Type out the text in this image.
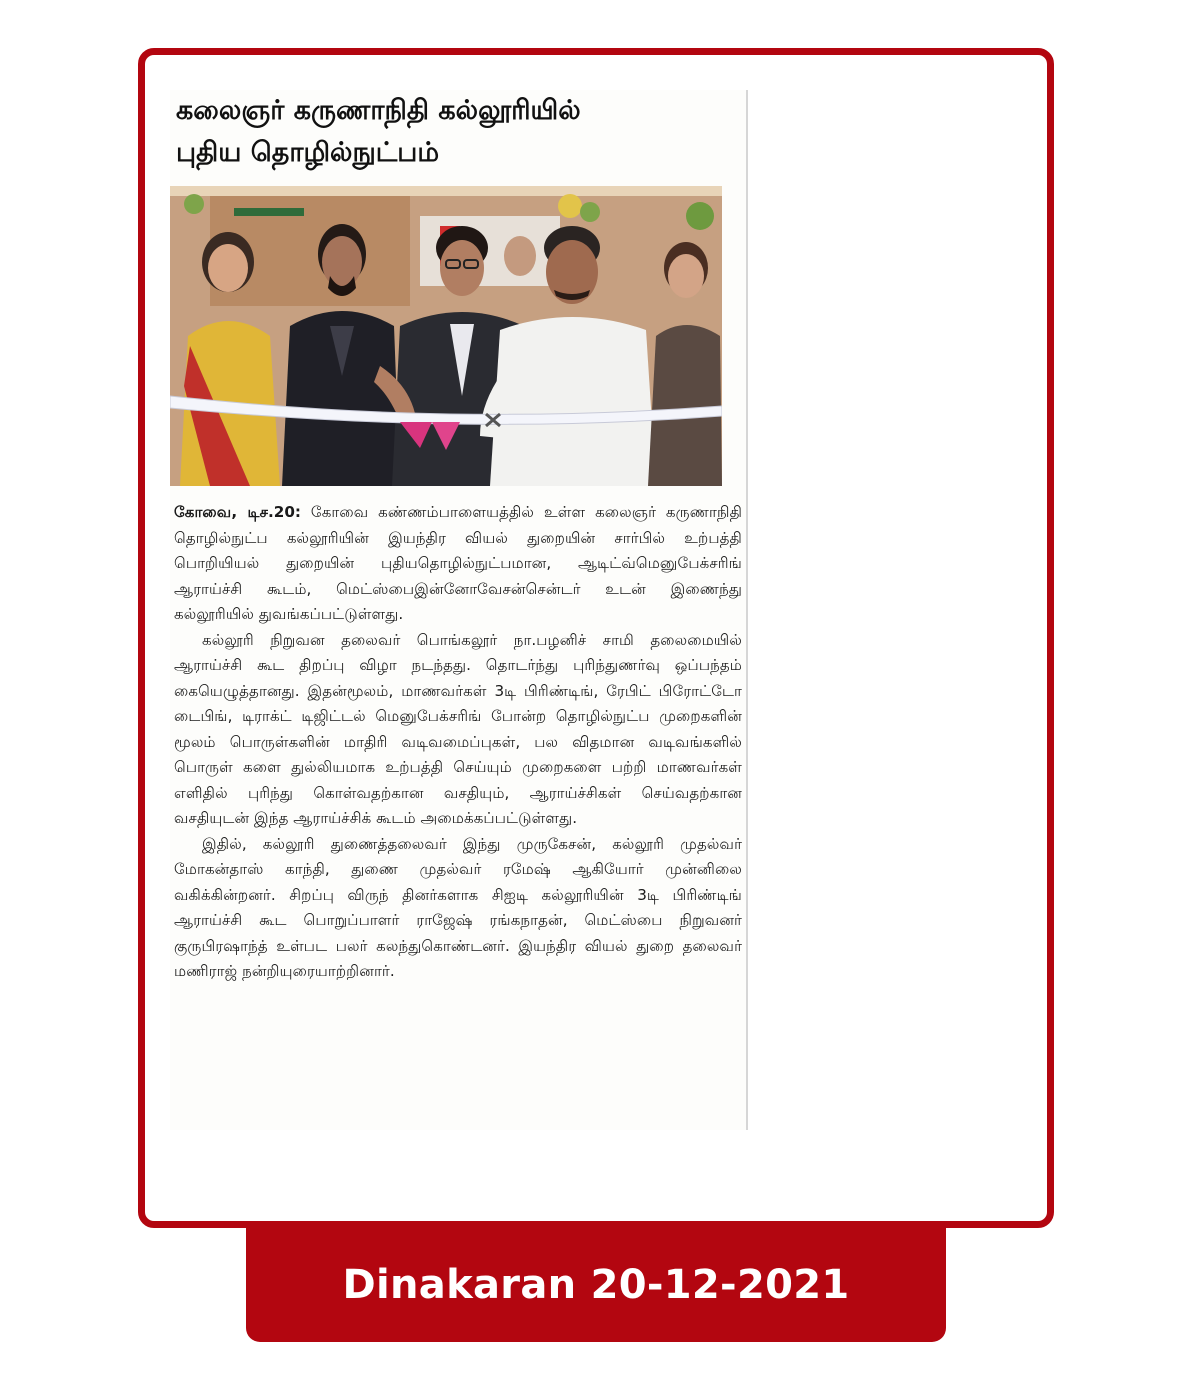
கலைஞர் கருணாநிதி கல்லூரியில்
புதிய தொழில்நுட்பம்

கோவை, டிச.20: கோவை கண்ணம்பாளையத்தில் உள்ள கலைஞர் கருணாநிதி தொழில்நுட்ப கல்லூரியின் இயந்திர வியல் துறையின் சார்பில் உற்பத்தி பொறியியல் துறையின் புதியதொழில்நுட்பமான, ஆடிட்வ்மெனுபேக்சரிங் ஆராய்ச்சி கூடம், மெட்ஸ்பைஇன்னோவேசன்சென்டர் உடன் இணைந்து கல்லூரியில் துவங்கப்பட்டுள்ளது.

கல்லூரி நிறுவன தலைவர் பொங்கலூர் நா.பழனிச் சாமி தலைமையில் ஆராய்ச்சி கூட திறப்பு விழா நடந்தது. தொடர்ந்து புரிந்துணர்வு ஒப்பந்தம் கையெழுத்தானது. இதன்மூலம், மாணவர்கள் 3டி பிரிண்டிங், ரேபிட் பிரோட்டோ டைபிங், டிராக்ட் டிஜிட்டல் மெனுபேக்சரிங் போன்ற தொழில்நுட்ப முறைகளின் மூலம் பொருள்களின் மாதிரி வடிவமைப்புகள், பல விதமான வடிவங்களில் பொருள் களை துல்லியமாக உற்பத்தி செய்யும் முறைகளை பற்றி மாணவர்கள் எளிதில் புரிந்து கொள்வதற்கான வசதியும், ஆராய்ச்சிகள் செய்வதற்கான வசதியுடன் இந்த ஆராய்ச்சிக் கூடம் அமைக்கப்பட்டுள்ளது.

இதில், கல்லூரி துணைத்தலைவர் இந்து முருகேசன், கல்லூரி முதல்வர் மோகன்தாஸ் காந்தி, துணை முதல்வர் ரமேஷ் ஆகியோர் முன்னிலை வகிக்கின்றனர். சிறப்பு விருந் தினர்களாக சிஐடி கல்லூரியின் 3டி பிரிண்டிங் ஆராய்ச்சி கூட பொறுப்பாளர் ராஜேஷ் ரங்கநாதன், மெட்ஸ்பை நிறுவனர் குருபிரஷாந்த் உள்பட பலர் கலந்துகொண்டனர். இயந்திர வியல் துறை தலைவர் மணிராஜ் நன்றியுரையாற்றினார்.

Dinakaran 20-12-2021
